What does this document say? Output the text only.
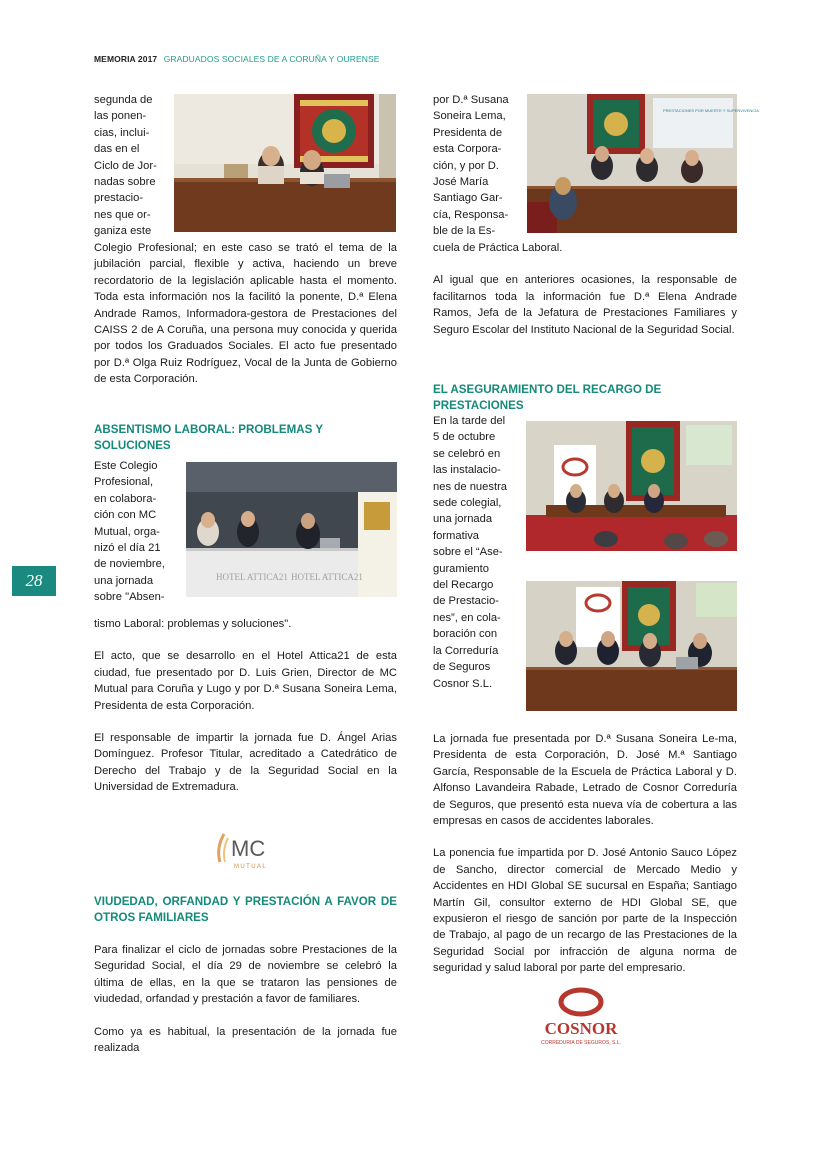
MEMORIA 2017 GRADUADOS SOCIALES DE A CORUÑA Y OURENSE
28
segunda de
las ponen-
cias, inclui-
das en el
Ciclo de Jor-
nadas sobre
prestacio-
nes que or-
ganiza este

Colegio Profesional; en este caso se trató el tema de la jubilación parcial, flexible y activa, haciendo un breve recordatorio de la legislación aplicable hasta el momento. Toda esta información nos la facilitó la ponente, D.ª Elena Andrade Ramos, Informadora-gestora de Prestaciones del CAISS 2 de A Coruña, una persona muy conocida y querida por todos los Graduados Sociales. El acto fue presentado por D.ª Olga Ruiz Rodríguez, Vocal de la Junta de Gobierno de esta Corporación.

ABSENTISMO LABORAL: PROBLEMAS Y SOLUCIONES
HOTEL ATTICA21 HOTEL ATTICA21
Este Colegio
Profesional,
en colabora-
ción con MC
Mutual, orga-
nizó el día 21
de noviembre,
una jornada
sobre "Absen-

tismo Laboral: problemas y soluciones".

El acto, que se desarrollo en el Hotel Attica21 de esta ciudad, fue presentado por D. Luis Grien, Director de MC Mutual para Coruña y Lugo y por D.ª Susana Soneira Lema, Presidenta de esta Corporación.

El responsable de impartir la jornada fue D. Ángel Arias Domínguez. Profesor Titular, acreditado a Catedrático de Derecho del Trabajo y de la Seguridad Social en la Universidad de Extremadura.

MC
MUTUAL
VIUDEDAD, ORFANDAD Y PRESTACIÓN A FAVOR DE OTROS FAMILIARES

Para finalizar el ciclo de jornadas sobre Prestaciones de la Seguridad Social, el día 29 de noviembre se celebró la última de ellas, en la que se trataron las pensiones de viudedad, orfandad y prestación a favor de familiares.

Como ya es habitual, la presentación de la jornada fue realizada

PRESTACIONES POR MUERTE Y SUPERVIVENCIA
por D.ª Susana
Soneira Lema,
Presidenta de
esta Corpora-
ción, y por D.
José María
Santiago Gar-
cía, Responsa-
ble de la Es-

cuela de Práctica Laboral.

Al igual que en anteriores ocasiones, la responsable de facilitarnos toda la información fue D.ª Elena Andrade Ramos, Jefa de la Jefatura de Prestaciones Familiares y Seguro Escolar del Instituto Nacional de la Seguridad Social.

EL ASEGURAMIENTO DEL RECARGO DE PRESTACIONES
En la tarde del
5 de octubre
se celebró en
las instalacio-
nes de nuestra
sede colegial,
una jornada
formativa
sobre el “Ase-
guramiento
del Recargo
de Prestacio-
nes”, en cola-
boración con
la Correduría
de Seguros
Cosnor S.L.

La jornada fue presentada por D.ª Susana Soneira Le-ma, Presidenta de esta Corporación, D. José M.ª Santiago García, Responsable de la Escuela de Práctica Laboral y D. Alfonso Lavandeira Rabade, Letrado de Cosnor Correduría de Seguros, que presentó esta nueva vía de cobertura a las empresas en casos de accidentes laborales.

La ponencia fue impartida por D. José Antonio Sauco López de Sancho, director comercial de Mercado Medio y Accidentes en HDI Global SE sucursal en España; Santiago Martín Gil, consultor externo de HDI Global SE, que expusieron el riesgo de sanción por parte de la Inspección de Trabajo, al pago de un recargo de las Prestaciones de la Seguridad Social por infracción de alguna norma de seguridad y salud laboral por parte del empresario.

COSNOR
CORREDURIA DE SEGUROS, S.L.
